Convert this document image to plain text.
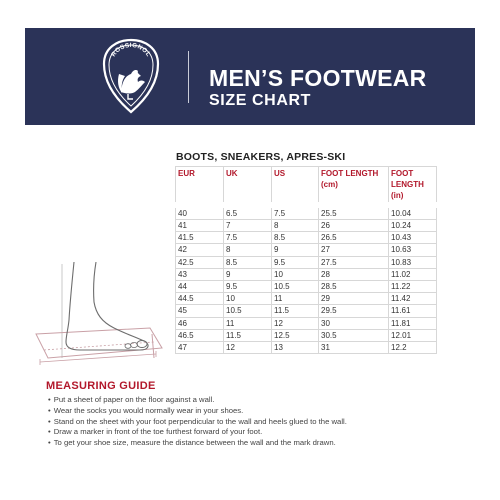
ROSSIGNOL
MEN’S FOOTWEAR
SIZE CHART
BOOTS, SNEAKERS, APRES-SKI
EUR	UK	US	FOOT LENGTH (cm)	FOOT LENGTH (in)
40	6.5	7.5	25.5	10.04
41	7	8	26	10.24
41.5	7.5	8.5	26.5	10.43
42	8	9	27	10.63
42.5	8.5	9.5	27.5	10.83
43	9	10	28	11.02
44	9.5	10.5	28.5	11.22
44.5	10	11	29	11.42
45	10.5	11.5	29.5	11.61
46	11	12	30	11.81
46.5	11.5	12.5	30.5	12.01
47	12	13	31	12.2
MEASURING GUIDE
• Put a sheet of paper on the floor against a wall.
• Wear the socks you would normally wear in your shoes.
• Stand on the sheet with your foot perpendicular to the wall and heels glued to the wall.
• Draw a marker in front of the toe furthest forward of your foot.
• To get your shoe size, measure the distance between the wall and the mark drawn.
